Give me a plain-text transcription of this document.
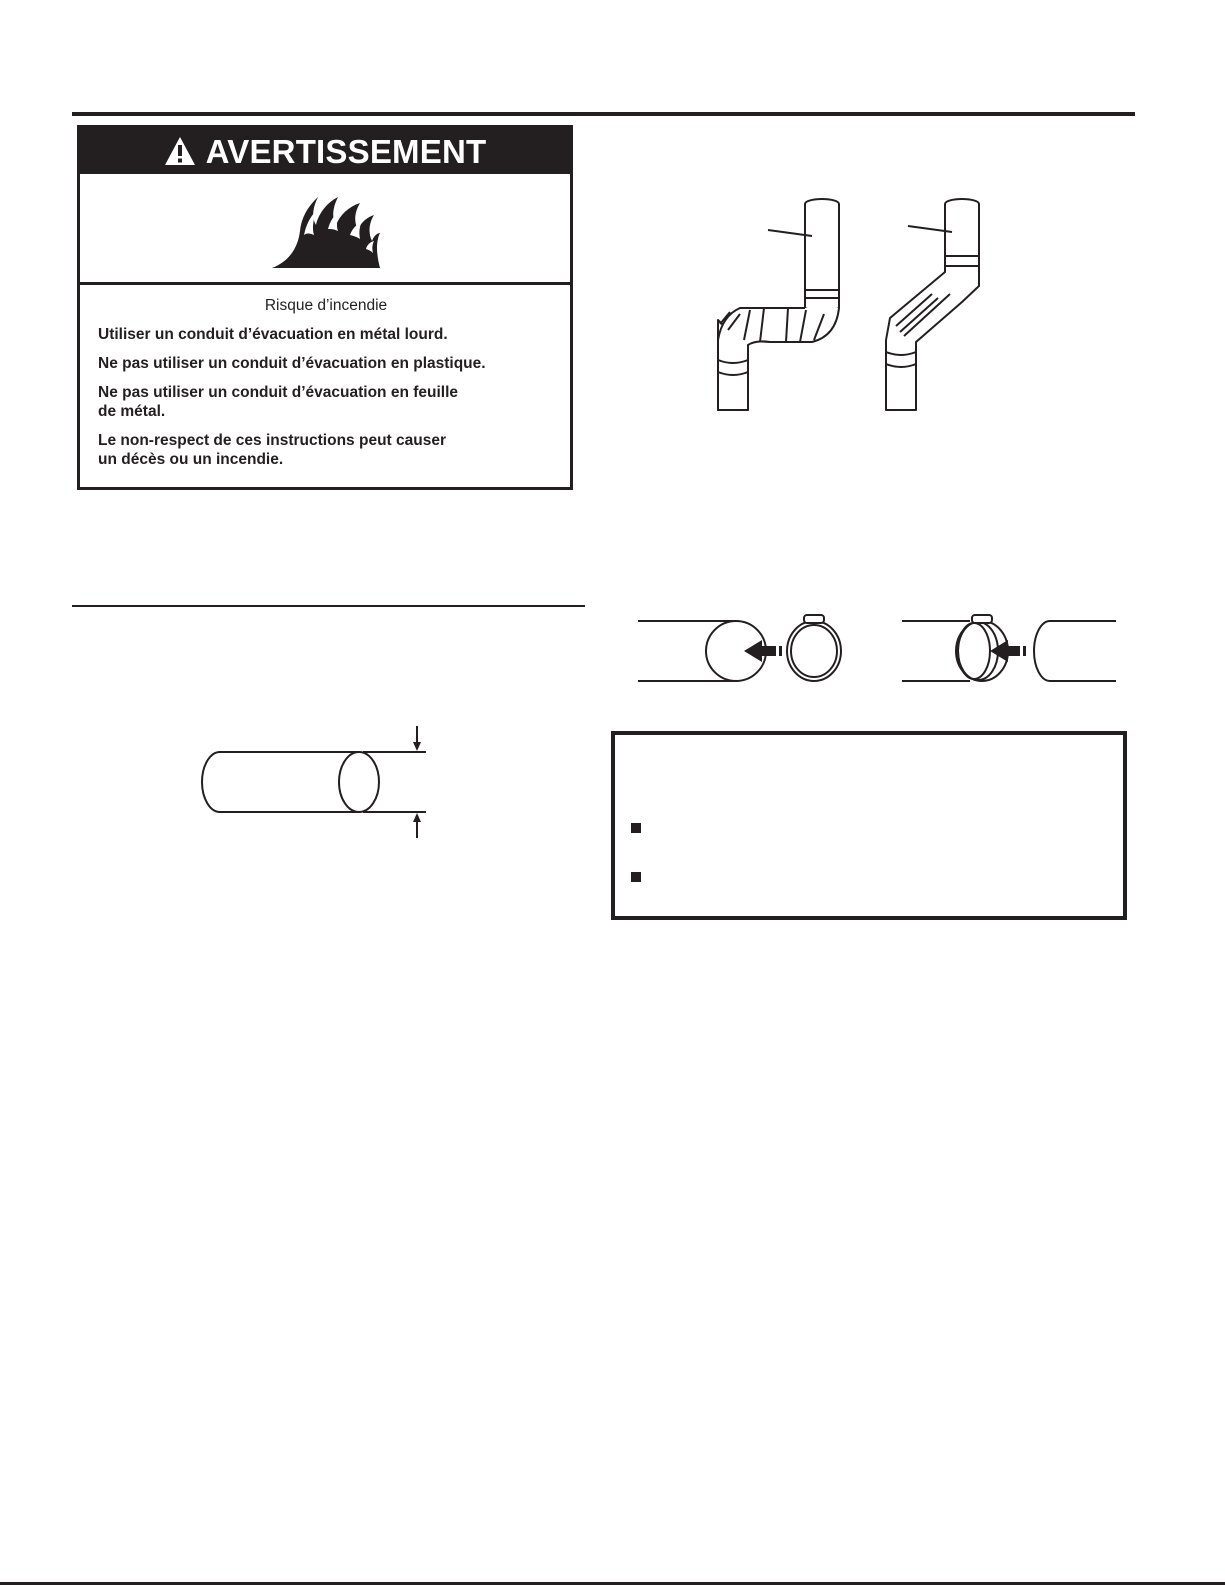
AVERTISSEMENT

Risque d’incendie

Utiliser un conduit d’évacuation en métal lourd.

Ne pas utiliser un conduit d’évacuation en plastique.

Ne pas utiliser un conduit d’évacuation en feuille
de métal.

Le non-respect de ces instructions peut causer
un décès ou un incendie.
